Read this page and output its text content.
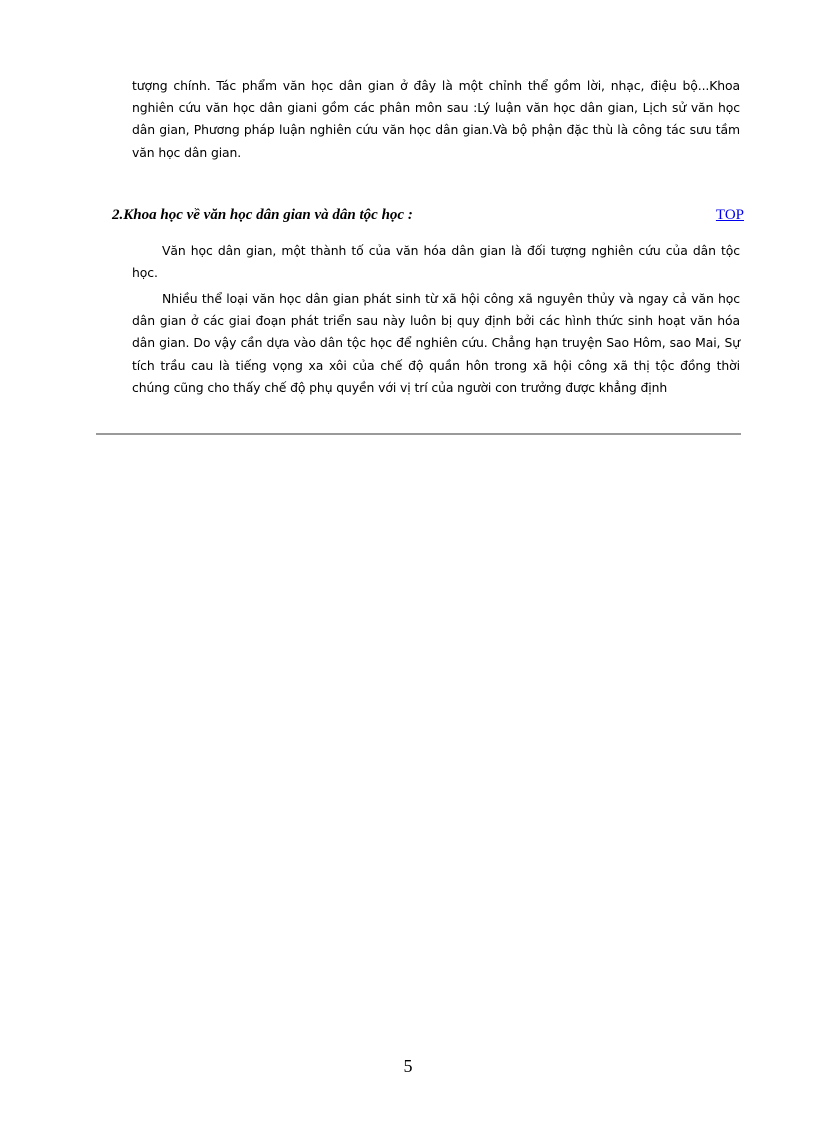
tượng chính. Tác phẩm văn học dân gian ở đây là một chỉnh thể gồm lời, nhạc, điệu bộ...Khoa nghiên cứu văn học dân giani gồm các phân môn sau :Lý luận văn học dân gian, Lịch sử văn học dân gian, Phương pháp luận nghiên cứu văn học dân gian.Và bộ phận đặc thù là công tác sưu tầm văn học dân gian.

2.Khoa học về văn học dân gian và dân tộc học :	TOP

Văn học dân gian, một thành tố của văn hóa dân gian là đối tượng nghiên cứu của dân tộc học.

Nhiều thể loại văn học dân gian phát sinh từ xã hội công xã nguyên thủy và ngay cả văn học dân gian ở các giai đoạn phát triển sau này luôn bị quy định bởi các hình thức sinh hoạt văn hóa dân gian. Do vậy cần dựa vào dân tộc học để nghiên cứu. Chẳng hạn truyện Sao Hôm, sao Mai, Sự tích trầu cau là tiếng vọng xa xôi của chế độ quần hôn trong xã hội công xã thị tộc đồng thời chúng cũng cho thấy chế độ phụ quyền với vị trí của người con trưởng được khẳng định

5
